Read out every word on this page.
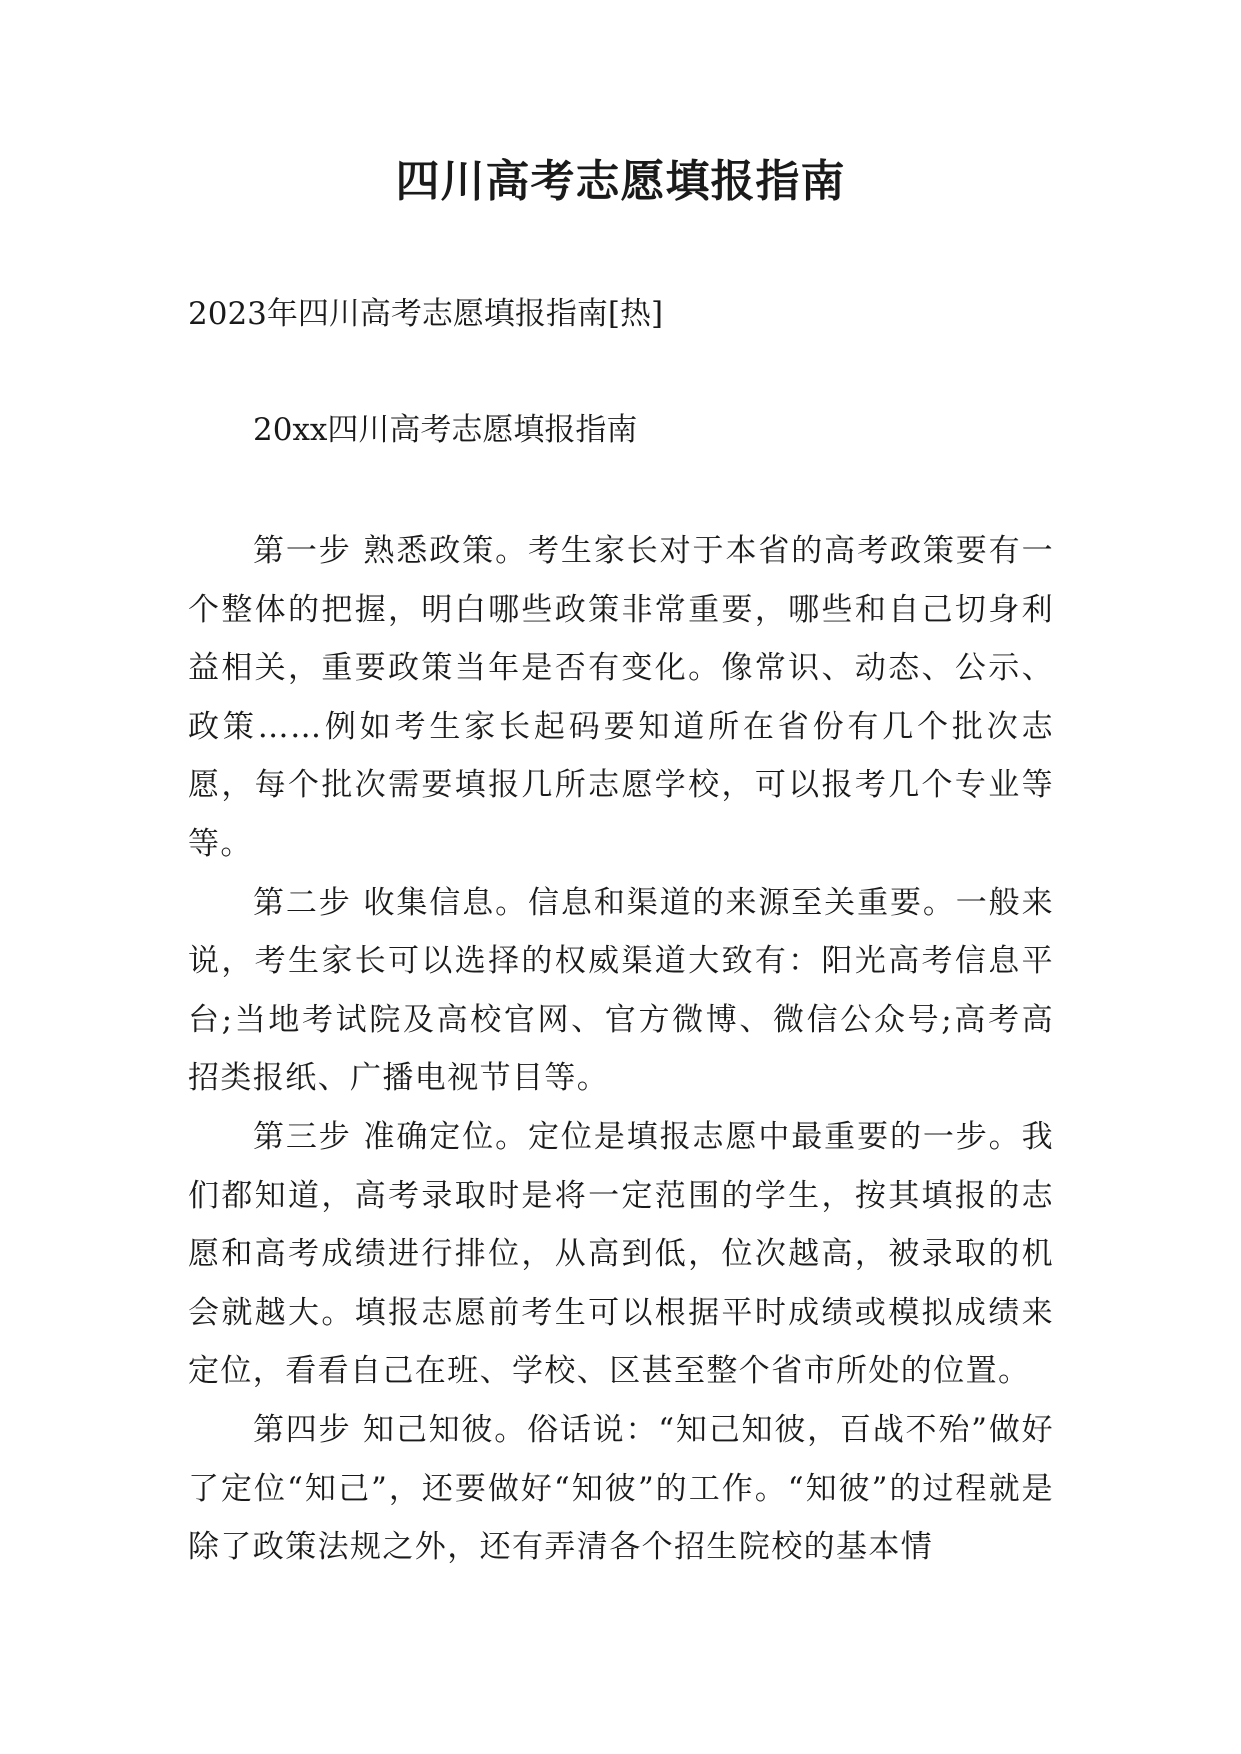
四川高考志愿填报指南

2023年四川高考志愿填报指南[热]

20xx四川高考志愿填报指南

第一步 熟悉政策。考生家长对于本省的高考政策要有一个整体的把握，明白哪些政策非常重要，哪些和自己切身利益相关，重要政策当年是否有变化。像常识、动态、公示、政策……例如考生家长起码要知道所在省份有几个批次志愿，每个批次需要填报几所志愿学校，可以报考几个专业等等。

第二步 收集信息。信息和渠道的来源至关重要。一般来说，考生家长可以选择的权威渠道大致有：阳光高考信息平台;当地考试院及高校官网、官方微博、微信公众号;高考高招类报纸、广播电视节目等。

第三步 准确定位。定位是填报志愿中最重要的一步。我们都知道，高考录取时是将一定范围的学生，按其填报的志愿和高考成绩进行排位，从高到低，位次越高，被录取的机会就越大。填报志愿前考生可以根据平时成绩或模拟成绩来定位，看看自己在班、学校、区甚至整个省市所处的位置。

第四步 知己知彼。俗话说：“知己知彼，百战不殆”做好了定位“知己”，还要做好“知彼”的工作。“知彼”的过程就是除了政策法规之外，还有弄清各个招生院校的基本情
